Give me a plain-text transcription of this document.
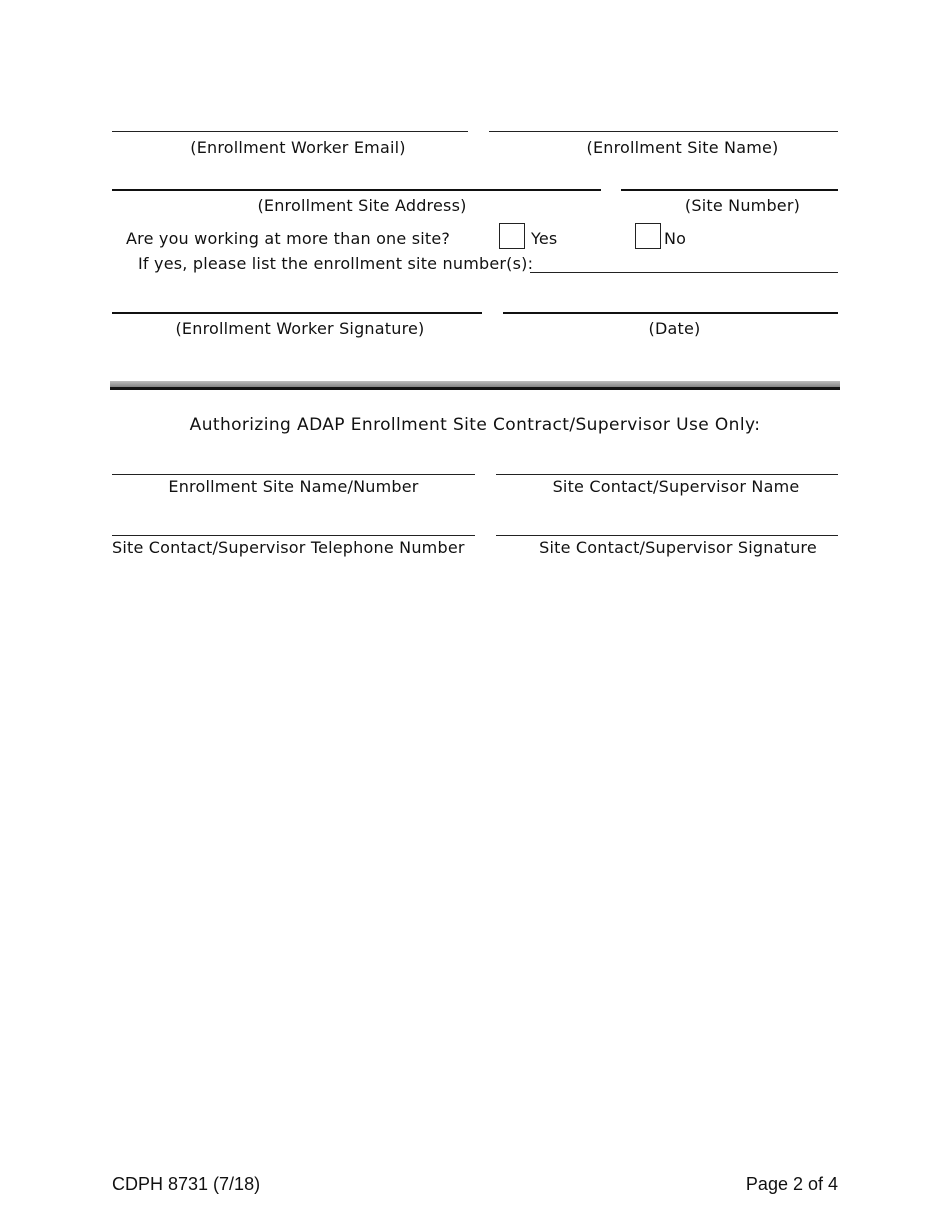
(Enrollment Worker Email)	(Enrollment Site Name)
(Enrollment Site Address)	(Site Number)
Are you working at more than one site?	Yes	No
If yes, please list the enrollment site number(s):
(Enrollment Worker Signature)	(Date)
Authorizing ADAP Enrollment Site Contract/Supervisor Use Only:
Enrollment Site Name/Number	Site Contact/Supervisor Name
Site Contact/Supervisor Telephone Number	Site Contact/Supervisor Signature
CDPH 8731 (7/18)	Page 2 of 4
